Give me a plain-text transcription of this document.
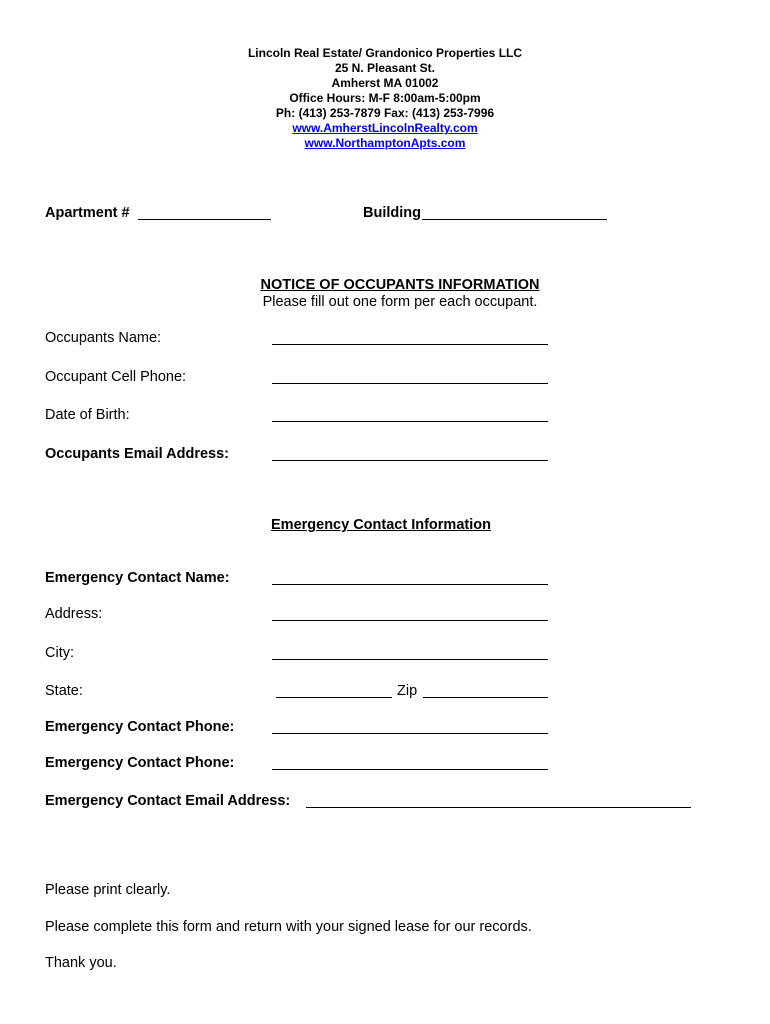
Lincoln Real Estate/ Grandonico Properties LLC
25 N. Pleasant St.
Amherst MA 01002
Office Hours: M-F 8:00am-5:00pm
Ph: (413) 253-7879 Fax: (413) 253-7996
www.AmherstLincolnRealty.com
www.NorthamptonApts.com
Apartment #	Building
NOTICE OF OCCUPANTS INFORMATION
Please fill out one form per each occupant.
Occupants Name:
Occupant Cell Phone:
Date of Birth:
Occupants Email Address:
Emergency Contact Information
Emergency Contact Name:
Address:
City:
State:	Zip
Emergency Contact Phone:
Emergency Contact Phone:
Emergency Contact Email Address:
Please print clearly.
Please complete this form and return with your signed lease for our records.
Thank you.
